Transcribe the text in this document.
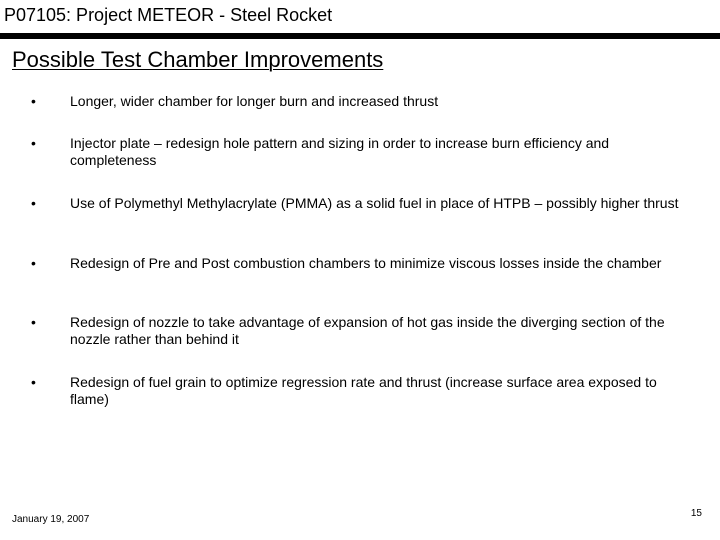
P07105: Project METEOR - Steel Rocket
Possible Test Chamber Improvements
• Longer, wider chamber for longer burn and increased thrust
• Injector plate – redesign hole pattern and sizing in order to increase burn efficiency and completeness
• Use of Polymethyl Methylacrylate (PMMA) as a solid fuel in place of HTPB – possibly higher thrust
• Redesign of Pre and Post combustion chambers to minimize viscous losses inside the chamber
• Redesign of nozzle to take advantage of expansion of hot gas inside the diverging section of the nozzle rather than behind it
• Redesign of fuel grain to optimize regression rate and thrust (increase surface area exposed to flame)
January 19, 2007
15
